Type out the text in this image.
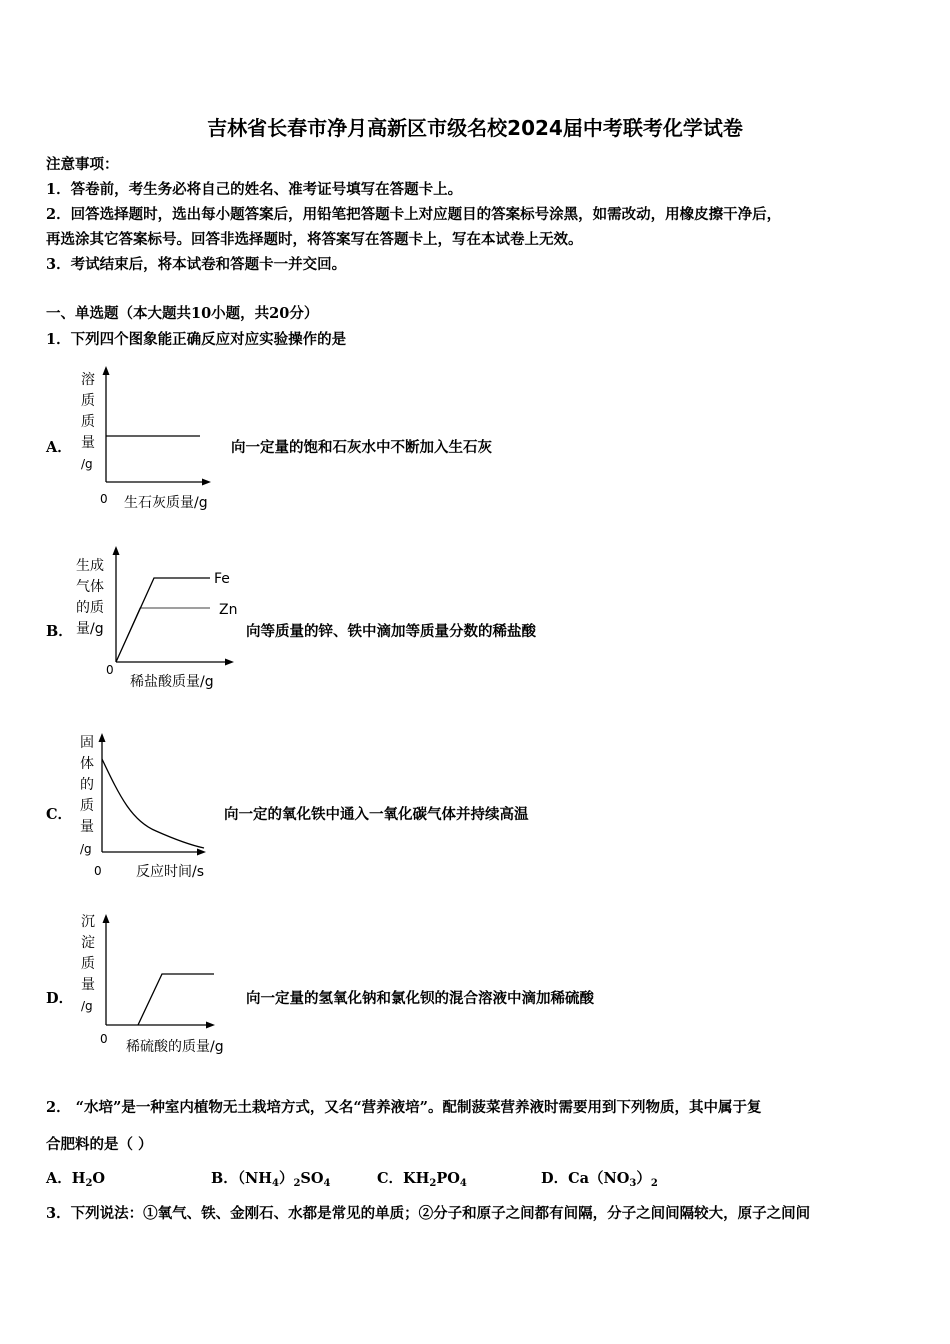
吉林省长春市净月高新区市级名校2024届中考联考化学试卷
注意事项：
1．答卷前，考生务必将自己的姓名、准考证号填写在答题卡上。
2．回答选择题时，选出每小题答案后，用铅笔把答题卡上对应题目的答案标号涂黑，如需改动，用橡皮擦干净后，
再选涂其它答案标号。回答非选择题时，将答案写在答题卡上，写在本试卷上无效。
3．考试结束后，将本试卷和答题卡一并交回。
一、单选题（本大题共10小题，共20分）
1．下列四个图象能正确反应对应实验操作的是
A．
溶
质
质
量
/g
0 生石灰质量/g
向一定量的饱和石灰水中不断加入生石灰
B．
生成
气体
的质
量/g
Fe
Zn
0
稀盐酸质量/g
向等质量的锌、铁中滴加等质量分数的稀盐酸
C．
固
体
的
质
量
/g
0 反应时间/s
向一定的氧化铁中通入一氧化碳气体并持续高温
D．
沉
淀
质
量
/g
0 稀硫酸的质量/g
向一定量的氢氧化钠和氯化钡的混合溶液中滴加稀硫酸
2． “水培”是一种室内植物无土栽培方式，又名“营养液培”。配制菠菜营养液时需要用到下列物质，其中属于复
合肥料的是（ ）
A．$H_2O$	B．$(NH_4)_2SO_4$	C．$KH_2PO_4$	D．$Ca(NO_3)_2$
3．下列说法：①氧气、铁、金刚石、水都是常见的单质；②分子和原子之间都有间隔，分子之间间隔较大，原子之间间
